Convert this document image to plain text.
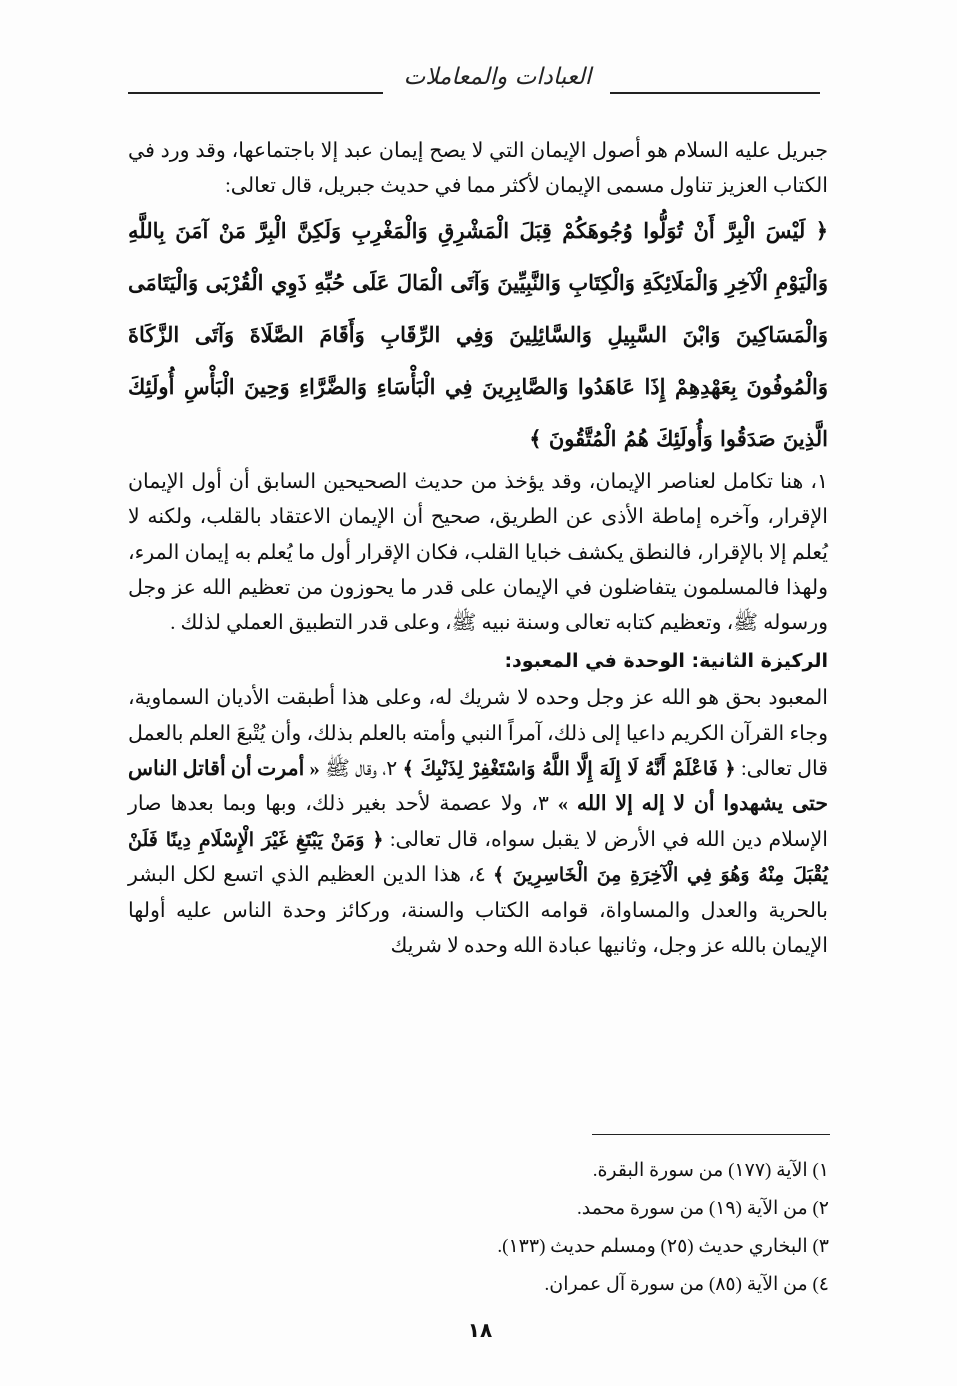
العبادات والمعاملات

جبريل عليه السلام هو أصول الإيمان التي لا يصح إيمان عبد إلا باجتماعها، وقد ورد في الكتاب العزيز تناول مسمى الإيمان لأكثر مما في حديث جبريل، قال تعالى:

﴿ لَيْسَ الْبِرَّ أَنْ تُوَلُّوا وُجُوهَكُمْ قِبَلَ الْمَشْرِقِ وَالْمَغْرِبِ وَلَكِنَّ الْبِرَّ مَنْ آمَنَ بِاللَّهِ وَالْيَوْمِ الْآخِرِ وَالْمَلَائِكَةِ وَالْكِتَابِ وَالنَّبِيِّينَ وَآتَى الْمَالَ عَلَى حُبِّهِ ذَوِي الْقُرْبَى وَالْيَتَامَى وَالْمَسَاكِينَ وَابْنَ السَّبِيلِ وَالسَّائِلِينَ وَفِي الرِّقَابِ وَأَقَامَ الصَّلَاةَ وَآتَى الزَّكَاةَ وَالْمُوفُونَ بِعَهْدِهِمْ إِذَا عَاهَدُوا وَالصَّابِرِينَ فِي الْبَأْسَاءِ وَالضَّرَّاءِ وَحِينَ الْبَأْسِ أُولَئِكَ الَّذِينَ صَدَقُوا وَأُولَئِكَ هُمُ الْمُتَّقُونَ ﴾

١، هنا تكامل لعناصر الإيمان، وقد يؤخذ من حديث الصحيحين السابق أن أول الإيمان الإقرار، وآخره إماطة الأذى عن الطريق، صحيح أن الإيمان الاعتقاد بالقلب، ولكنه لا يُعلم إلا بالإقرار، فالنطق يكشف خبايا القلب، فكان الإقرار أول ما يُعلم به إيمان المرء، ولهذا فالمسلمون يتفاضلون في الإيمان على قدر ما يحوزون من تعظيم الله عز وجل ورسوله ﷺ، وتعظيم كتابه تعالى وسنة نبيه ﷺ، وعلى قدر التطبيق العملي لذلك .

الركيزة الثانية: الوحدة في المعبود:

المعبود بحق هو الله عز وجل وحده لا شريك له، وعلى هذا أطبقت الأديان السماوية، وجاء القرآن الكريم داعيا إلى ذلك، آمراً النبي وأمته بالعلم بذلك، وأن يُتْبعَ العلم بالعمل قال تعالى: ﴿ فَاعْلَمْ أَنَّهُ لَا إِلَهَ إِلَّا اللَّهُ وَاسْتَغْفِرْ لِذَنْبِكَ ﴾ ٢، وقال ﷺ « أمرت أن أقاتل الناس حتى يشهدوا أن لا إله إلا الله » ٣، ولا عصمة لأحد بغير ذلك، وبها وبما بعدها صار الإسلام دين الله في الأرض لا يقبل سواه، قال تعالى: ﴿ وَمَنْ يَبْتَغِ غَيْرَ الْإِسْلَامِ دِينًا فَلَنْ يُقْبَلَ مِنْهُ وَهُوَ فِي الْآخِرَةِ مِنَ الْخَاسِرِينَ ﴾ ٤، هذا الدين العظيم الذي اتسع لكل البشر بالحرية والعدل والمساواة، قوامه الكتاب والسنة، وركائز وحدة الناس عليه أولها الإيمان بالله عز وجل، وثانيها عبادة الله وحده لا شريك

١) الآية (١٧٧) من سورة البقرة.
٢) من الآية (١٩) من سورة محمد.
٣) البخاري حديث (٢٥) ومسلم حديث (١٣٣).
٤) من الآية (٨٥) من سورة آل عمران.
١٨
